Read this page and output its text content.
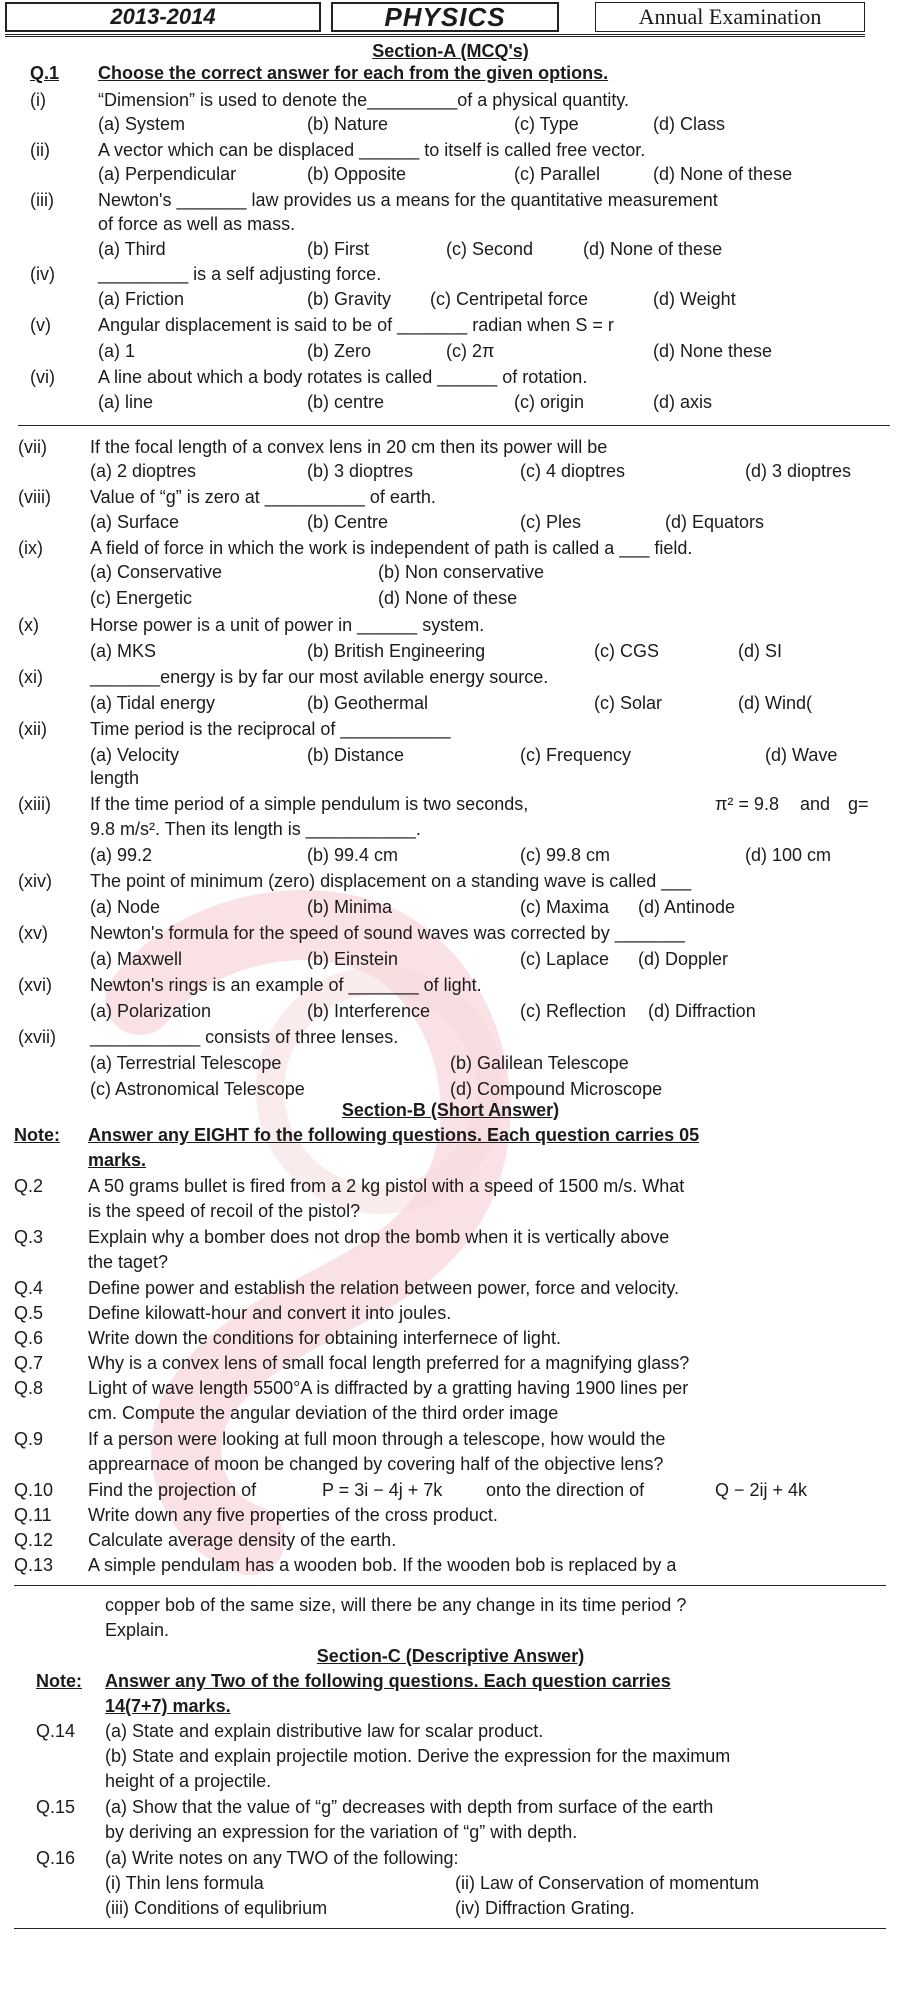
2013-2014	PHYSICS	Annual Examination
Section-A (MCQ's)
Q.1 Choose the correct answer for each from the given options.
(i)	“Dimension” is used to denote the_________of a physical quantity.
(a) System	(b) Nature	(c) Type	(d) Class
(ii)	A vector which can be displaced ______ to itself is called free vector.
(a) Perpendicular	(b) Opposite	(c) Parallel	(d) None of these
(iii) Newton's _______ law provides us a means for the quantitative measurement
of force as well as mass.
(a) Third	(b) First	(c) Second	(d) None of these
(iv) _________ is a self adjusting force.
(a) Friction	(b) Gravity (c) Centripetal force	(d) Weight
(v)	Angular displacement is said to be of _______ radian when S = r
(a) 1	(b) Zero	(c) 2π	(d) None these
(vi) A line about which a body rotates is called ______ of rotation.
(a) line	(b) centre	(c) origin	(d) axis
(vii) If the focal length of a convex lens in 20 cm then its power will be
(a) 2 dioptres	(b) 3 dioptres	(c) 4 dioptres	(d) 3 dioptres
(viii) Value of “g” is zero at __________ of earth.
(a) Surface	(b) Centre	(c) Ples	(d) Equators
(ix)	A field of force in which the work is independent of path is called a ___ field.
(a) Conservative	(b) Non conservative
(c) Energetic	(d) None of these
(x)	Horse power is a unit of power in ______ system.
(a) MKS	(b) British Engineering	(c) CGS	(d) SI
(xi)	_______energy is by far our most avilable energy source.
(a) Tidal energy	(b) Geothermal	(c) Solar	(d) Wind(
(xii) Time period is the reciprocal of ___________
(a) Velocity	(b) Distance	(c) Frequency	(d) Wave
length
(xiii) If the time period of a simple pendulum is two seconds,	π² = 9.8 and g=
9.8 m/s². Then its length is ___________.
(a) 99.2	(b) 99.4 cm	(c) 99.8 cm	(d) 100 cm
(xiv) The point of minimum (zero) displacement on a standing wave is called ___
(a) Node	(b) Minima	(c) Maxima (d) Antinode
(xv) Newton's formula for the speed of sound waves was corrected by _______
(a) Maxwell	(b) Einstein	(c) Laplace (d) Doppler
(xvi) Newton's rings is an example of _______ of light.
(a) Polarization	(b) Interference	(c) Reflection (d) Diffraction
(xvii) ___________ consists of three lenses.
(a) Terrestrial Telescope	(b) Galilean Telescope
(c) Astronomical Telescope	(d) Compound Microscope
Section-B (Short Answer)
Note: Answer any EIGHT fo the following questions. Each question carries 05
marks.
Q.2 A 50 grams bullet is fired from a 2 kg pistol with a speed of 1500 m/s. What
is the speed of recoil of the pistol?
Q.3 Explain why a bomber does not drop the bomb when it is vertically above
the taget?
Q.4 Define power and establish the relation between power, force and velocity.
Q.5 Define kilowatt-hour and convert it into joules.
Q.6 Write down the conditions for obtaining interfernece of light.
Q.7 Why is a convex lens of small focal length preferred for a magnifying glass?
Q.8 Light of wave length 5500°A is diffracted by a gratting having 1900 lines per
cm. Compute the angular deviation of the third order image
Q.9 If a person were looking at full moon through a telescope, how would the
apprearnace of moon be changed by covering half of the objective lens?
Q.10 Find the projection of	P = 3i − 4j + 7k onto the direction of	Q − 2ij + 4k
Q.11 Write down any five properties of the cross product.
Q.12 Calculate average density of the earth.
Q.13 A simple pendulam has a wooden bob. If the wooden bob is replaced by a
copper bob of the same size, will there be any change in its time period ?
Explain.
Section-C (Descriptive Answer)
Note: Answer any Two of the following questions. Each question carries
14(7+7) marks.
Q.14 (a) State and explain distributive law for scalar product.
(b) State and explain projectile motion. Derive the expression for the maximum
height of a projectile.
Q.15 (a) Show that the value of “g” decreases with depth from surface of the earth
by deriving an expression for the variation of “g” with depth.
Q.16 (a) Write notes on any TWO of the following:
(i) Thin lens formula	(ii) Law of Conservation of momentum
(iii) Conditions of equlibrium	(iv) Diffraction Grating.
